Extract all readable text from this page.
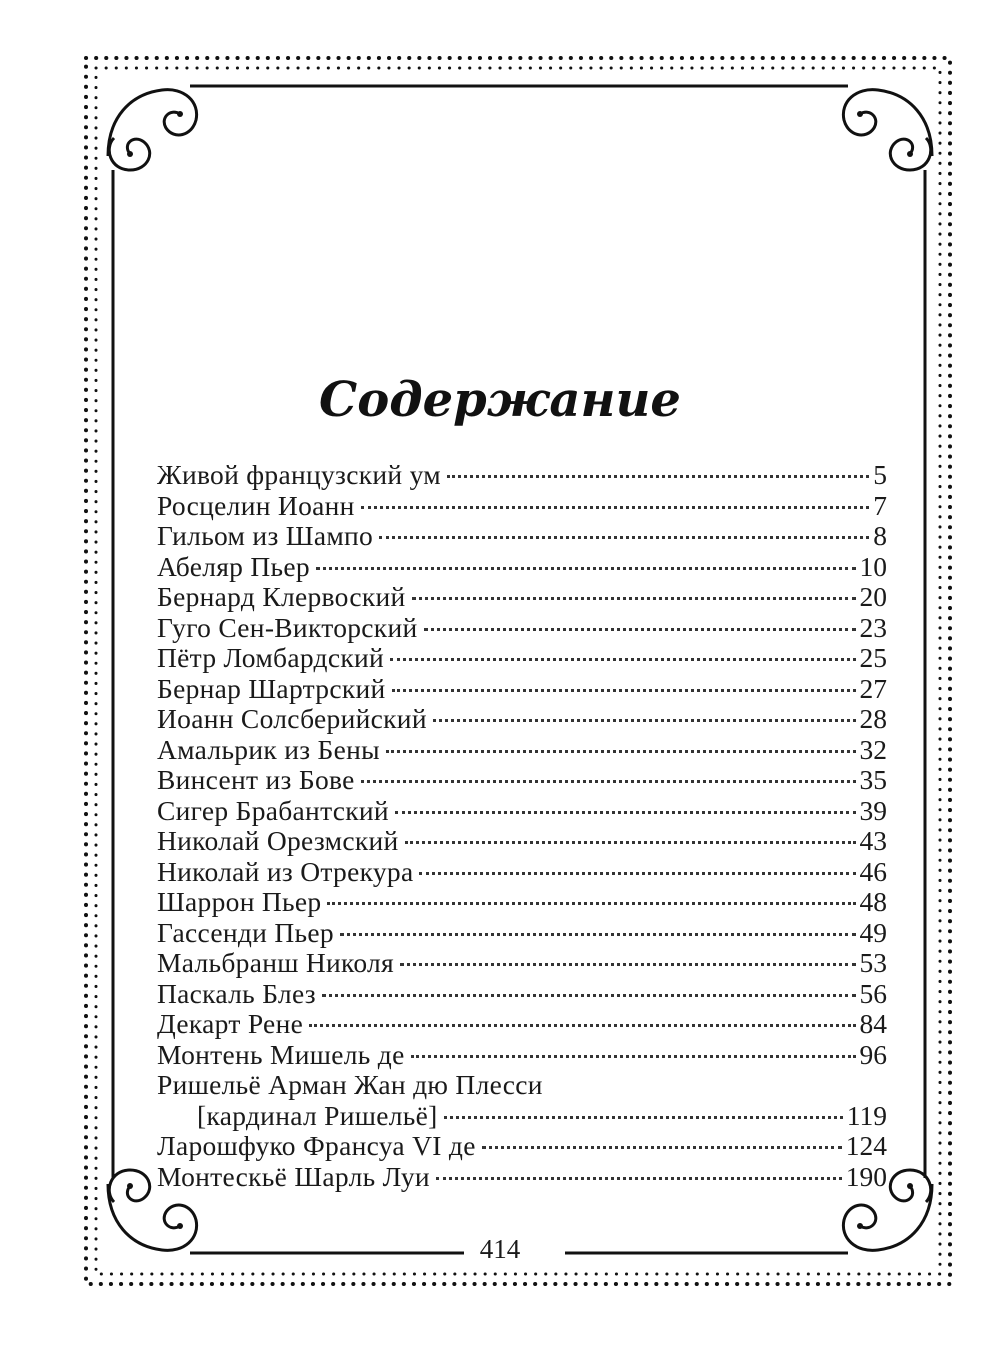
Содержание
Живой французский ум	5
Росцелин Иоанн	7
Гильом из Шампо	8
Абеляр Пьер	10
Бернард Клервоский	20
Гуго Сен-Викторский	23
Пётр Ломбардский	25
Бернар Шартрский	27
Иоанн Солсберийский	28
Амальрик из Бены	32
Винсент из Бове	35
Сигер Брабантский	39
Николай Орезмский	43
Николай из Отрекура	46
Шаррон Пьер	48
Гассенди Пьер	49
Мальбранш Николя	53
Паскаль Блез	56
Декарт Рене	84
Монтень Мишель де	96
Ришельё Арман Жан дю Плесси
[кардинал Ришельё]	119
Ларошфуко Франсуа VI де	124
Монтескьё Шарль Луи	190
414
